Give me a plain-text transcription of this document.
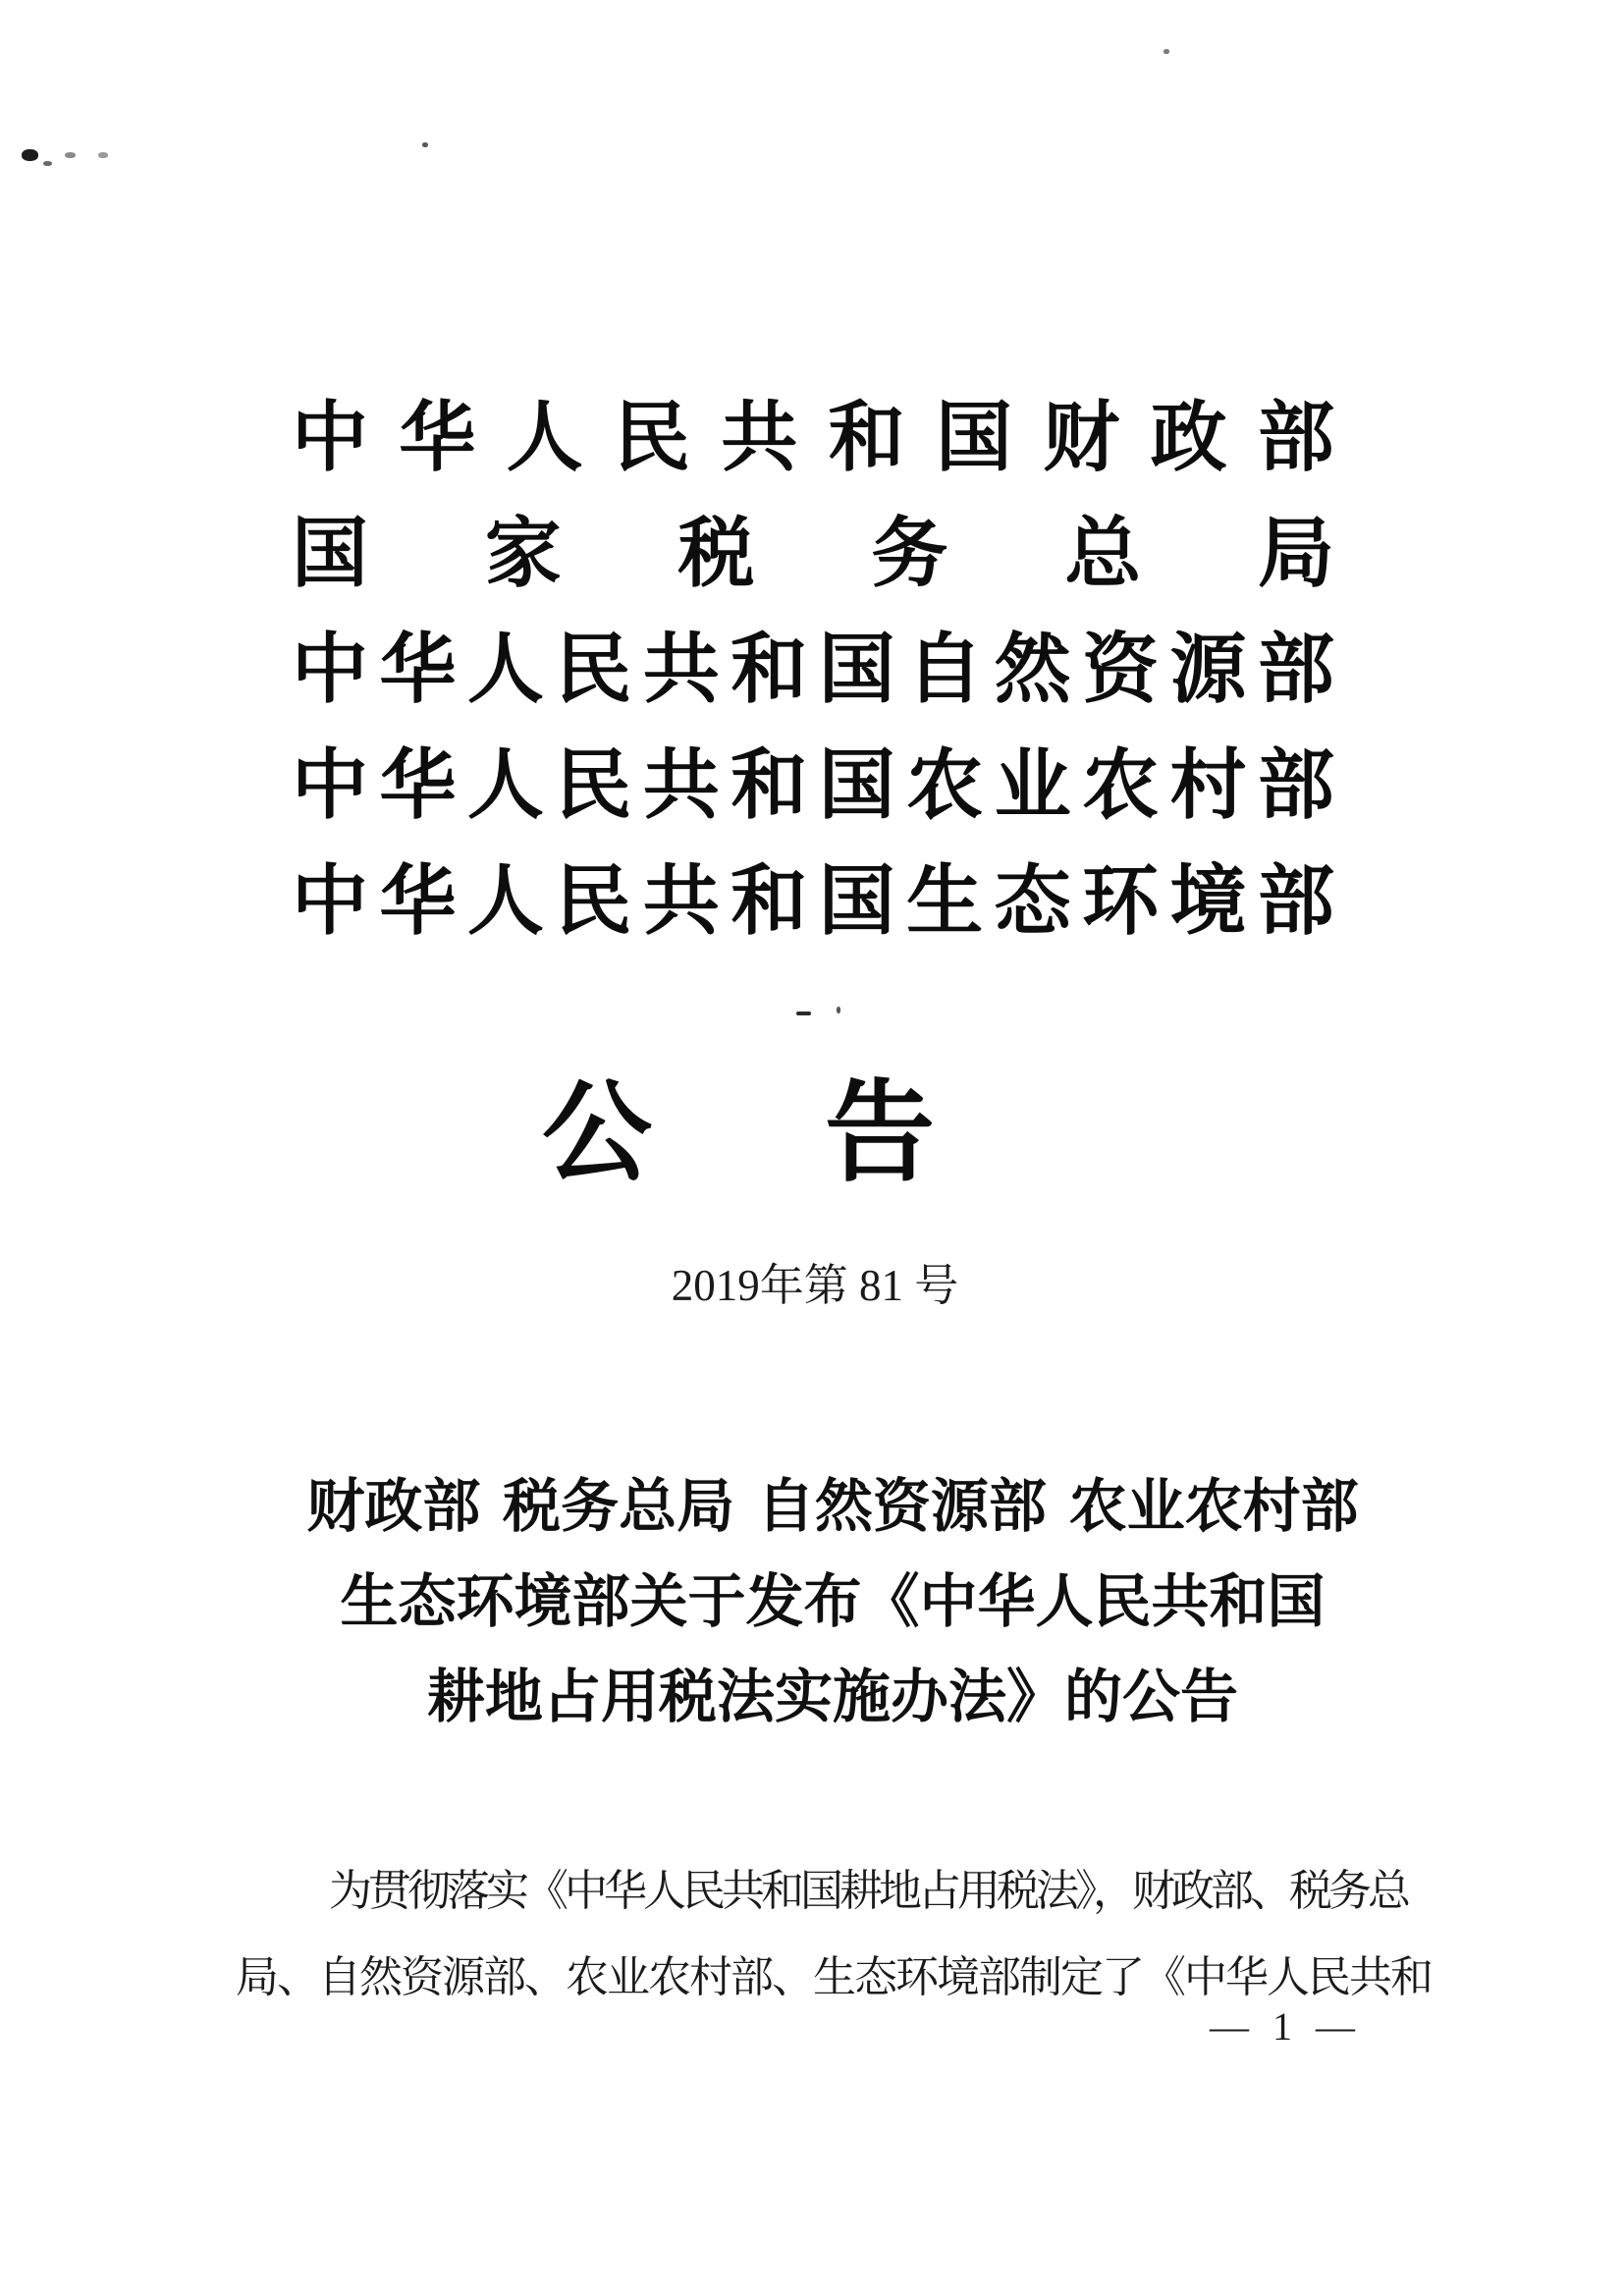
中 华 人 民 共 和 国 财 政 部
国 家 税 务 总 局
中 华 人 民 共 和 国 自 然 资 源 部
中 华 人 民 共 和 国 农 业 农 村 部
中 华 人 民 共 和 国 生 态 环 境 部
公 告
2019年第 81 号
财政部 税务总局 自然资源部 农业农村部
生态环境部关于发布《中华人民共和国
耕地占用税法实施办法》的公告
为贯彻落实《中华人民共和国耕地占用税法》，财政部、税务总
局、自然资源部、农业农村部、生态环境部制定了《中华人民共和
— 1 —
